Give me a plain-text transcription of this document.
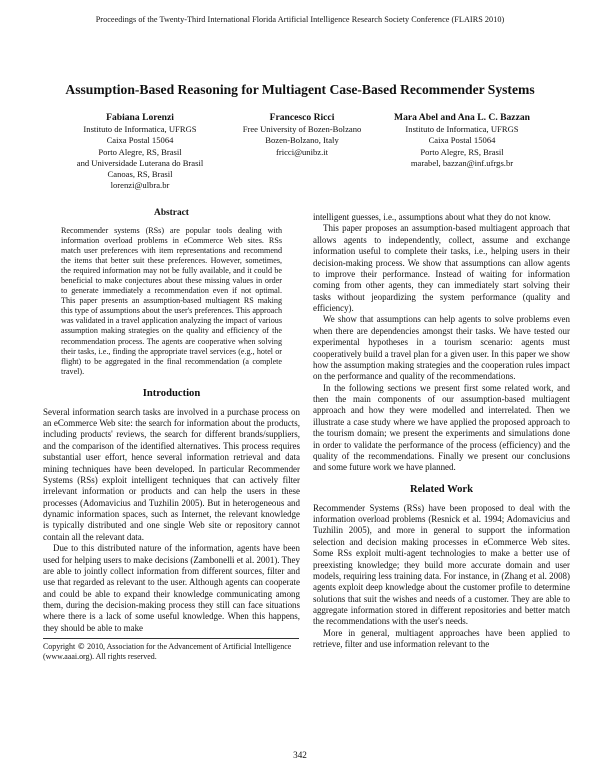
Proceedings of the Twenty-Third International Florida Artificial Intelligence Research Society Conference (FLAIRS 2010)
Assumption-Based Reasoning for Multiagent Case-Based Recommender Systems
Fabiana Lorenzi
Instituto de Informatica, UFRGS
Caixa Postal 15064
Porto Alegre, RS, Brasil
and Universidade Luterana do Brasil
Canoas, RS, Brasil
lorenzi@ulbra.br
Francesco Ricci
Free University of Bozen-Bolzano
Bozen-Bolzano, Italy
fricci@unibz.it
Mara Abel and Ana L. C. Bazzan
Instituto de Informatica, UFRGS
Caixa Postal 15064
Porto Alegre, RS, Brasil
marabel, bazzan@inf.ufrgs.br
Abstract

Recommender systems (RSs) are popular tools dealing with information overload problems in eCommerce Web sites. RSs match user preferences with item representations and recommend the items that better suit these preferences. However, sometimes, the required information may not be fully available, and it could be beneficial to make conjectures about these missing values in order to generate immediately a recommendation even if not optimal. This paper presents an assumption-based multiagent RS making this type of assumptions about the user's preferences. This approach was validated in a travel application analyzing the impact of various assumption making strategies on the quality and efficiency of the recommendation process. The agents are cooperative when solving their tasks, i.e., finding the appropriate travel services (e.g., hotel or flight) to be aggregated in the final recommendation (a complete travel).

Introduction

Several information search tasks are involved in a purchase process on an eCommerce Web site: the search for information about the products, including products' reviews, the search for different brands/suppliers, and the comparison of the identified alternatives. This process requires substantial user effort, hence several information retrieval and data mining techniques have been developed. In particular Recommender Systems (RSs) exploit intelligent techniques that can actively filter irrelevant information or products and can help the users in these processes (Adomavicius and Tuzhilin 2005). But in heterogeneous and dynamic information spaces, such as Internet, the relevant knowledge is typically distributed and one single Web site or repository cannot contain all the relevant data.

Due to this distributed nature of the information, agents have been used for helping users to make decisions (Zambonelli et al. 2001). They are able to jointly collect information from different sources, filter and use that regarded as relevant to the user. Although agents can cooperate and could be able to expand their knowledge communicating among them, during the decision-making process they still can face situations where there is a lack of some useful knowledge. When this happens, they should be able to make

Copyright © 2010, Association for the Advancement of Artificial Intelligence (www.aaai.org). All rights reserved.

intelligent guesses, i.e., assumptions about what they do not know.

This paper proposes an assumption-based multiagent approach that allows agents to independently, collect, assume and exchange information useful to complete their tasks, i.e., helping users in their decision-making process. We show that assumptions can allow agents to improve their performance. Instead of waiting for information coming from other agents, they can immediately start solving their tasks without jeopardizing the system performance (quality and efficiency).

We show that assumptions can help agents to solve problems even when there are dependencies amongst their tasks. We have tested our experimental hypotheses in a tourism scenario: agents must cooperatively build a travel plan for a given user. In this paper we show how the assumption making strategies and the cooperation rules impact on the performance and quality of the recommendations.

In the following sections we present first some related work, and then the main components of our assumption-based multiagent approach and how they were modelled and interrelated. Then we illustrate a case study where we have applied the proposed approach to the tourism domain; we present the experiments and simulations done in order to validate the performance of the process (efficiency) and the quality of the recommendations. Finally we present our conclusions and some future work we have planned.

Related Work

Recommender Systems (RSs) have been proposed to deal with the information overload problems (Resnick et al. 1994; Adomavicius and Tuzhilin 2005), and more in general to support the information selection and decision making processes in eCommerce Web sites. Some RSs exploit multi-agent technologies to make a better use of preexisting knowledge; they build more accurate domain and user models, requiring less training data. For instance, in (Zhang et al. 2008) agents exploit deep knowledge about the customer profile to determine solutions that suit the wishes and needs of a customer. They are able to aggregate information stored in different repositories and better match the recommendations with the user's needs.

More in general, multiagent approaches have been applied to retrieve, filter and use information relevant to the

342
